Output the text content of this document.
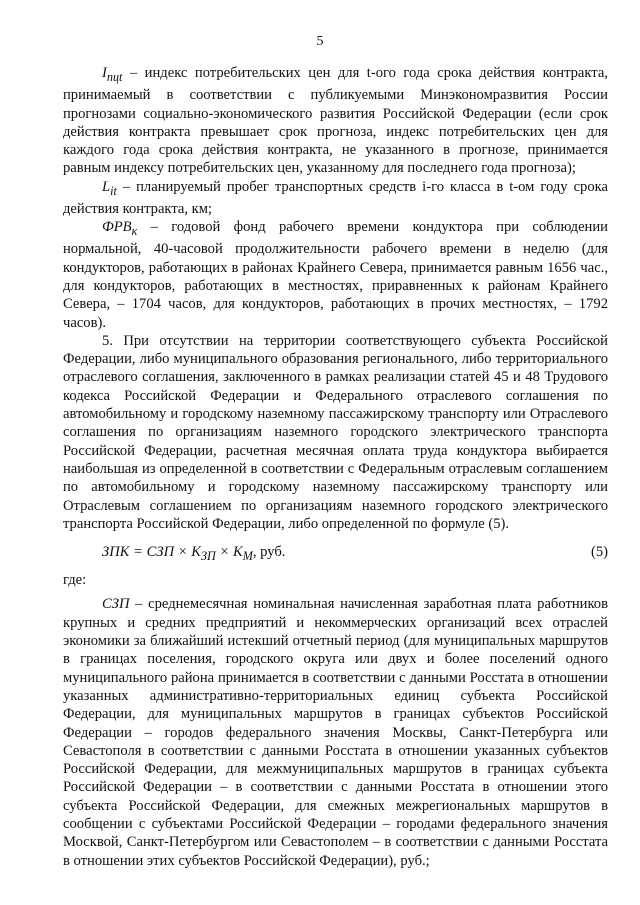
5

$I_{пцt}$ – индекс потребительских цен для t-ого года срока действия контракта, принимаемый в соответствии с публикуемыми Минэкономразвития России прогнозами социально-экономического развития Российской Федерации (если срок действия контракта превышает срок прогноза, индекс потребительских цен для каждого года срока действия контракта, не указанного в прогнозе, принимается равным индексу потребительских цен, указанному для последнего года прогноза);

$L_{it}$ – планируемый пробег транспортных средств i-го класса в t-ом году срока действия контракта, км;

$ФРВ_к$ – годовой фонд рабочего времени кондуктора при соблюдении нормальной, 40-часовой продолжительности рабочего времени в неделю (для кондукторов, работающих в районах Крайнего Севера, принимается равным 1656 час., для кондукторов, работающих в местностях, приравненных к районам Крайнего Севера, – 1704 часов, для кондукторов, работающих в прочих местностях, – 1792 часов).

5. При отсутствии на территории соответствующего субъекта Российской Федерации, либо муниципального образования регионального, либо территориального отраслевого соглашения, заключенного в рамках реализации статей 45 и 48 Трудового кодекса Российской Федерации и Федерального отраслевого соглашения по автомобильному и городскому наземному пассажирскому транспорту или Отраслевого соглашения по организациям наземного городского электрического транспорта Российской Федерации, расчетная месячная оплата труда кондуктора выбирается наибольшая из определенной в соответствии с Федеральным отраслевым соглашением по автомобильному и городскому наземному пассажирскому транспорту или Отраслевым соглашением по организациям наземного городского электрического транспорта Российской Федерации, либо определенной по формуле (5).

ЗПК = СЗП × $K_{ЗП} \times K_М$, руб.	(5)

где:

СЗП – среднемесячная номинальная начисленная заработная плата работников крупных и средних предприятий и некоммерческих организаций всех отраслей экономики за ближайший истекший отчетный период (для муниципальных маршрутов в границах поселения, городского округа или двух и более поселений одного муниципального района принимается в соответствии с данными Росстата в отношении указанных административно-территориальных единиц субъекта Российской Федерации, для муниципальных маршрутов в границах субъектов Российской Федерации – городов федерального значения Москвы, Санкт-Петербурга или Севастополя в соответствии с данными Росстата в отношении указанных субъектов Российской Федерации, для межмуниципальных маршрутов в границах субъекта Российской Федерации – в соответствии с данными Росстата в отношении этого субъекта Российской Федерации, для смежных межрегиональных маршрутов в сообщении с субъектами Российской Федерации – городами федерального значения Москвой, Санкт-Петербургом или Севастополем – в соответствии с данными Росстата в отношении этих субъектов Российской Федерации), руб.;
